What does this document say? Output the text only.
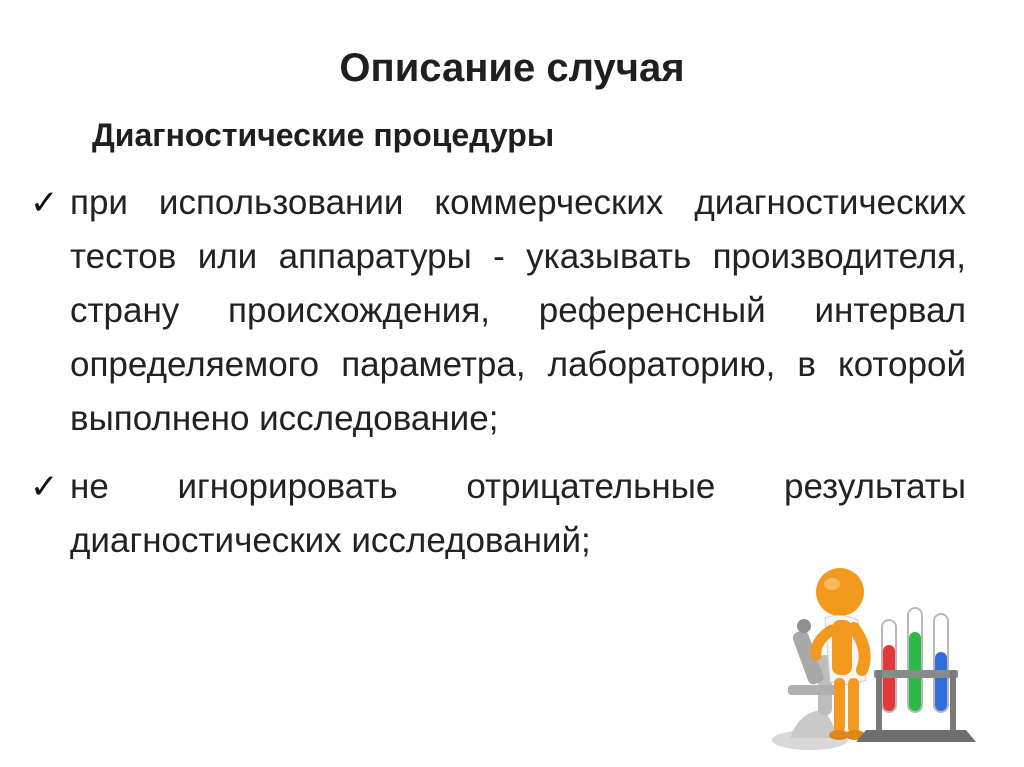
Описание случая
Диагностические процедуры
✓ при использовании коммерческих диагностических тестов или аппаратуры - указывать производителя, страну происхождения, референсный интервал определяемого параметра, лабораторию, в которой выполнено исследование;
✓ не игнорировать отрицательные результаты диагностических исследований;
